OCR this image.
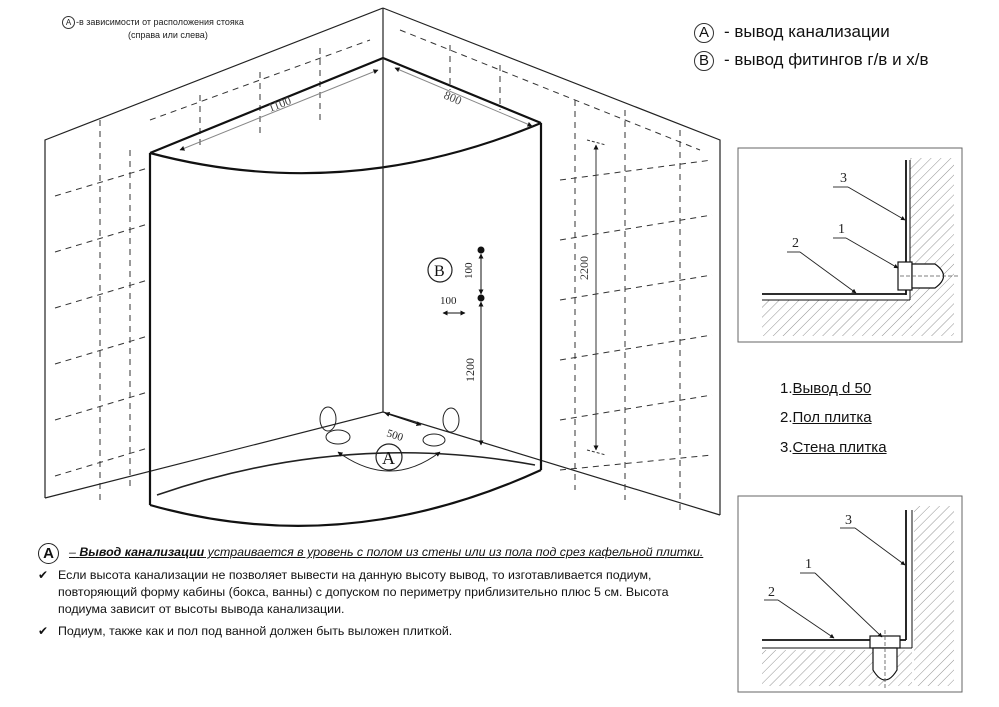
A -в зависимости от расположения стояка
(справа или слева)	A - вывод канализации
B - вывод фитингов г/в и х/в
1100	800
2200
100
100
1200
B
500
A
3
1
2
3
1
2
1.Вывод d 50
2.Пол плитка
3.Стена плитка
A	– Вывод канализации устраивается в уровень с полом из стены или из пола под срез кафельной плитки.
✔ Если высота канализации не позволяет вывести на данную высоту вывод, то изготавливается подиум, повторяющий форму кабины (бокса, ванны) с допуском по периметру приблизительно плюс 5 см. Высота подиума зависит от высоты вывода канализации.
✔ Подиум, также как и пол под ванной должен быть выложен плиткой.
